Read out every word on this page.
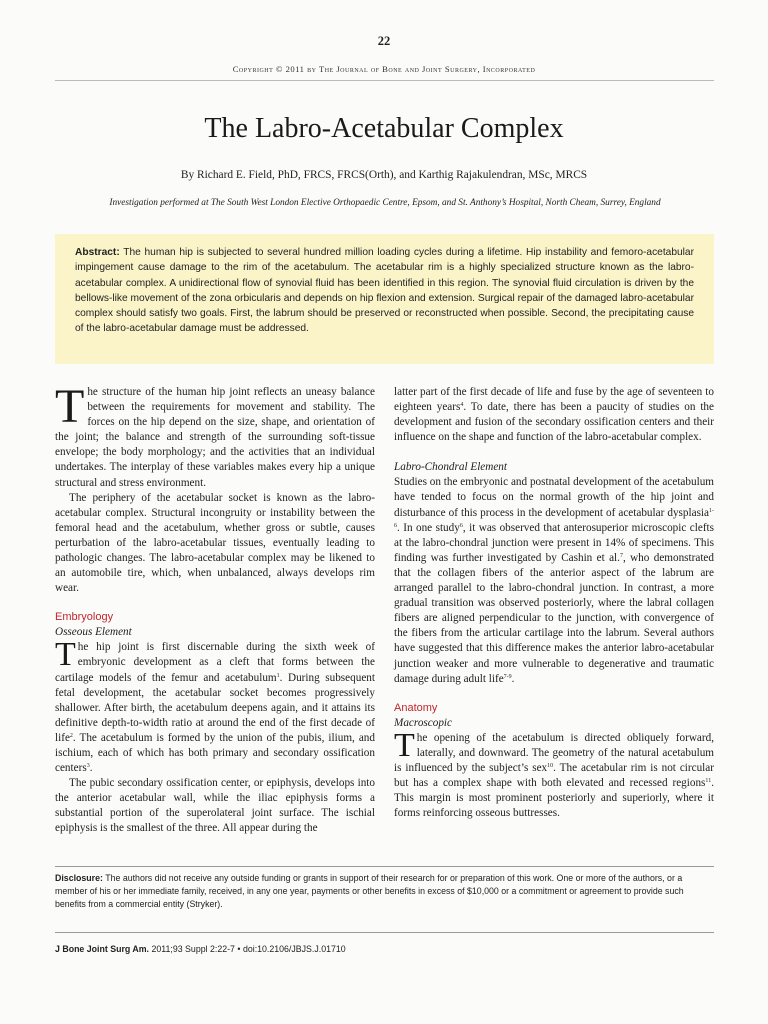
22
Copyright © 2011 by The Journal of Bone and Joint Surgery, Incorporated
The Labro-Acetabular Complex
By Richard E. Field, PhD, FRCS, FRCS(Orth), and Karthig Rajakulendran, MSc, MRCS
Investigation performed at The South West London Elective Orthopaedic Centre, Epsom, and St. Anthony’s Hospital, North Cheam, Surrey, England
Abstract: The human hip is subjected to several hundred million loading cycles during a lifetime. Hip instability and femoro-acetabular impingement cause damage to the rim of the acetabulum. The acetabular rim is a highly specialized structure known as the labro-acetabular complex. A unidirectional flow of synovial fluid has been identified in this region. The synovial fluid circulation is driven by the bellows-like movement of the zona orbicularis and depends on hip flexion and extension. Surgical repair of the damaged labro-acetabular complex should satisfy two goals. First, the labrum should be preserved or reconstructed when possible. Second, the precipitating cause of the labro-acetabular damage must be addressed.

The structure of the human hip joint reflects an uneasy balance between the requirements for movement and stability. The forces on the hip depend on the size, shape, and orientation of the joint; the balance and strength of the surrounding soft-tissue envelope; the body morphology; and the activities that an individual undertakes. The interplay of these variables makes every hip a unique structural and stress environment.

The periphery of the acetabular socket is known as the labro-acetabular complex. Structural incongruity or instability between the femoral head and the acetabulum, whether gross or subtle, causes perturbation of the labro-acetabular tissues, eventually leading to pathologic changes. The labro-acetabular complex may be likened to an automobile tire, which, when unbalanced, always develops rim wear.

Embryology
Osseous Element

The hip joint is first discernable during the sixth week of embryonic development as a cleft that forms between the cartilage models of the femur and acetabulum$^1$. During subsequent fetal development, the acetabular socket becomes progressively shallower. After birth, the acetabulum deepens again, and it attains its definitive depth-to-width ratio at around the end of the first decade of life$^2$. The acetabulum is formed by the union of the pubis, ilium, and ischium, each of which has both primary and secondary ossification centers$^3$.

The pubic secondary ossification center, or epiphysis, develops into the anterior acetabular wall, while the iliac epiphysis forms a substantial portion of the superolateral joint surface. The ischial epiphysis is the smallest of the three. All appear during the

latter part of the first decade of life and fuse by the age of seventeen to eighteen years$^4$. To date, there has been a paucity of studies on the development and fusion of the secondary ossification centers and their influence on the shape and function of the labro-acetabular complex.

Labro-Chondral Element

Studies on the embryonic and postnatal development of the acetabulum have tended to focus on the normal growth of the hip joint and disturbance of this process in the development of acetabular dysplasia$^{1-6}$. In one study$^6$, it was observed that anterosuperior microscopic clefts at the labro-chondral junction were present in 14% of specimens. This finding was further investigated by Cashin et al.$^7$, who demonstrated that the collagen fibers of the anterior aspect of the labrum are arranged parallel to the labro-chondral junction. In contrast, a more gradual transition was observed posteriorly, where the labral collagen fibers are aligned perpendicular to the junction, with convergence of the fibers from the articular cartilage into the labrum. Several authors have suggested that this difference makes the anterior labro-acetabular junction weaker and more vulnerable to degenerative and traumatic damage during adult life$^{7-9}$.

Anatomy
Macroscopic

The opening of the acetabulum is directed obliquely forward, laterally, and downward. The geometry of the natural acetabulum is influenced by the subject’s sex$^{10}$. The acetabular rim is not circular but has a complex shape with both elevated and recessed regions$^{11}$. This margin is most prominent posteriorly and superiorly, where it forms reinforcing osseous buttresses.

Disclosure: The authors did not receive any outside funding or grants in support of their research for or preparation of this work. One or more of the authors, or a member of his or her immediate family, received, in any one year, payments or other benefits in excess of $10,000 or a commitment or agreement to provide such benefits from a commercial entity (Stryker).
J Bone Joint Surg Am. 2011;93 Suppl 2:22-7 • doi:10.2106/JBJS.J.01710
